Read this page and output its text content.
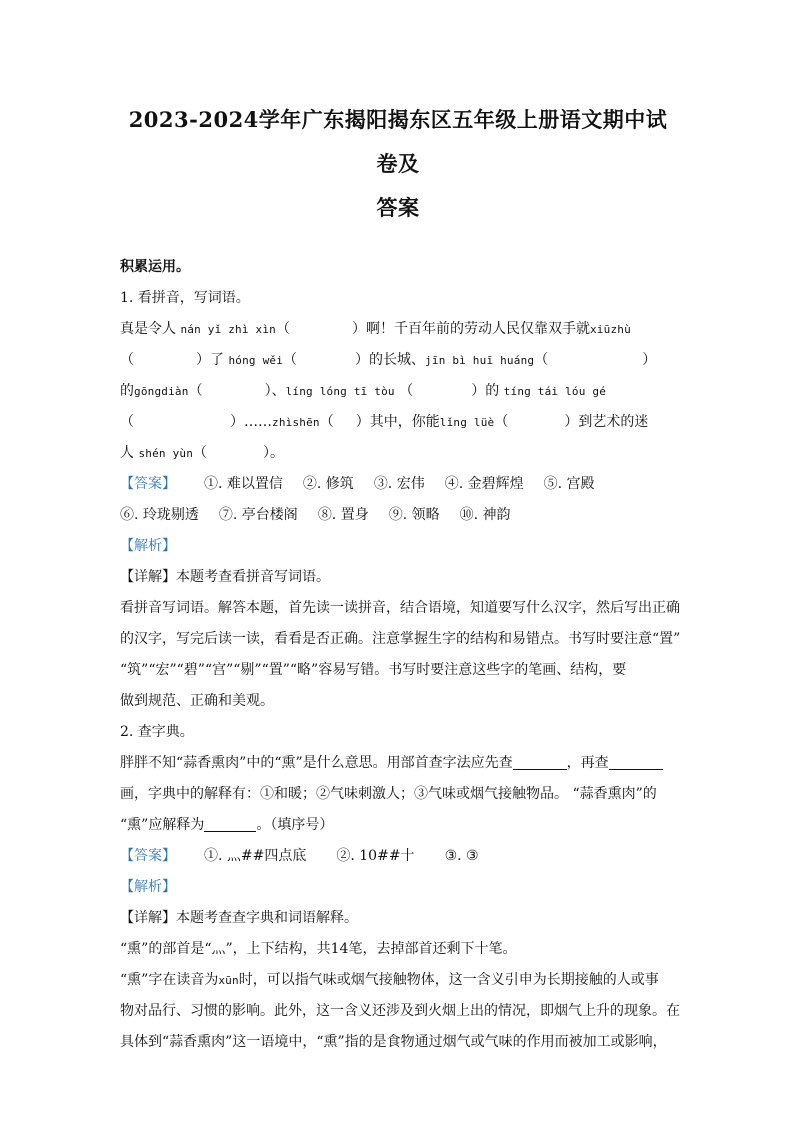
2023-2024学年广东揭阳揭东区五年级上册语文期中试卷及
答案

积累运用。

1. 看拼音，写词语。

真是令人 nán yǐ zhì xìn（	）啊！千百年前的劳动人民仅靠双手就xiūzhù

（	）了 hóng wěi（	）的长城、jīn bì huī huáng（	）

的gōngdiàn（	）、líng lóng tī tòu （	）的 tíng tái lóu gé

（	）……zhìshēn（ ）其中，你能lǐng lüè（	）到艺术的迷

人 shén yùn（	）。

【答案】 ①. 难以置信 ②. 修筑 ③. 宏伟 ④. 金碧辉煌 ⑤. 宫殿

⑥. 玲珑剔透 ⑦. 亭台楼阁 ⑧. 置身 ⑨. 领略 ⑩. 神韵

【解析】

【详解】本题考查看拼音写词语。

看拼音写词语。解答本题，首先读一读拼音，结合语境，知道要写什么汉字，然后写出正确

的汉字，写完后读一读，看看是否正确。注意掌握生字的结构和易错点。书写时要注意“置”

“筑”“宏”“碧”“宫”“剔”“置”“略”容易写错。书写时要注意这些字的笔画、结构，要

做到规范、正确和美观。

2. 查字典。

胖胖不知“蒜香熏肉”中的“熏”是什么意思。用部首查字法应先查	，再查

画，字典中的解释有：①和暖；②气味刺激人；③气味或烟气接触物品。 “蒜香熏肉”的

“熏”应解释为	。（填序号）

【答案】 ①. 灬##四点底 ②. 10##十 ③. ③

【解析】

【详解】本题考查查字典和词语解释。

“熏”的部首是“灬”，上下结构，共14笔，去掉部首还剩下十笔。

“熏”字在读音为xūn时，可以指气味或烟气接触物体，这一含义引申为长期接触的人或事

物对品行、习惯的影响。此外，这一含义还涉及到火烟上出的情况，即烟气上升的现象。在

具体到“蒜香熏肉”这一语境中，“熏”指的是食物通过烟气或气味的作用而被加工或影响，
